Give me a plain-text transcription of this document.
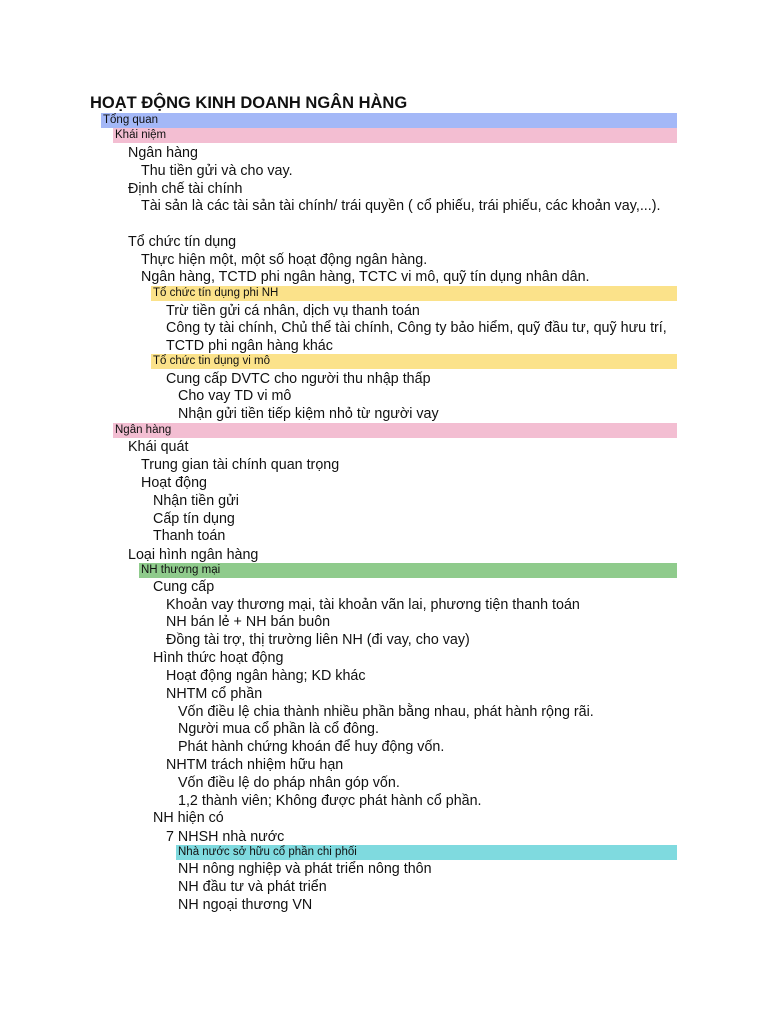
HOẠT ĐỘNG KINH DOANH NGÂN HÀNG
Tổng quan
Khái niệm
Ngân hàng
Thu tiền gửi và cho vay.
Định chế tài chính
Tài sản là các tài sản tài chính/ trái quyền ( cổ phiếu, trái phiếu, các khoản vay,...).
Tổ chức tín dụng
Thực hiện một, một số hoạt động ngân hàng.
Ngân hàng, TCTD phi ngân hàng, TCTC vi mô, quỹ tín dụng nhân dân.
Tổ chức tín dụng phi NH
Trừ tiền gửi cá nhân, dịch vụ thanh toán
Công ty tài chính, Chủ thể tài chính, Công ty bảo hiểm, quỹ đầu tư, quỹ hưu trí, TCTD phi ngân hàng khác
Tổ chức tin dụng vi mô
Cung cấp DVTC cho người thu nhập thấp
Cho vay TD vi mô
Nhận gửi tiền tiếp kiệm nhỏ từ người vay
Ngân hàng
Khái quát
Trung gian tài chính quan trọng
Hoạt động
Nhận tiền gửi
Cấp tín dụng
Thanh toán
Loại hình ngân hàng
NH thương mại
Cung cấp
Khoản vay thương mại, tài khoản vãn lai, phương tiện thanh toán
NH bán lẻ + NH bán buôn
Đồng tài trợ, thị trường liên NH (đi vay, cho vay)
Hình thức hoạt động
Hoạt động ngân hàng; KD khác
NHTM cổ phần
Vốn điều lệ chia thành nhiều phần bằng nhau, phát hành rộng rãi.
Người mua cổ phần là cổ đông.
Phát hành chứng khoán để huy động vốn.
NHTM trách nhiệm hữu hạn
Vốn điều lệ do pháp nhân góp vốn.
1,2 thành viên; Không được phát hành cổ phần.
NH hiện có
7 NHSH nhà nước
Nhà nước sở hữu cổ phần chi phối
NH nông nghiệp và phát triển nông thôn
NH đầu tư và phát triển
NH ngoại thương VN
